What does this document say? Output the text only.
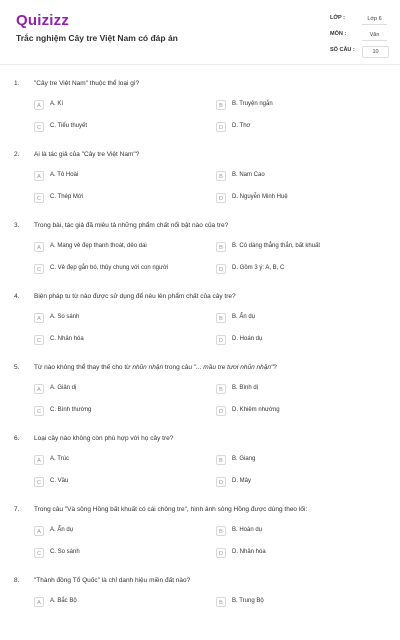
Quizizz
Trắc nghiệm Cây tre Việt Nam có đáp án
LỚP :	Lớp 6
MÔN :	Văn
SỐ CÂU :	10
1. "Cây tre Việt Nam" thuộc thể loại gì?
A	A. Kí	B	B. Truyện ngắn
C	C. Tiểu thuyết	D	D. Thơ
2. Ai là tác giả của "Cây tre Việt Nam"?
A	A. Tô Hoài	B	B. Nam Cao
C	C. Thép Mới	D	D. Nguyễn Minh Huệ
3. Trong bài, tác giả đã miêu tả những phẩm chất nổi bật nào của tre?
A	A. Mang vẻ đẹp thanh thoát, dẻo dai	B	B. Có dáng thẳng thắn, bất khuất
C	C. Vẻ đẹp gắn bó, thủy chung với con người	D	D. Gồm 3 ý: A, B, C
4. Biện pháp tu từ nào được sử dụng để nêu lên phẩm chất của cây tre?
A	A. So sánh	B	B. Ẩn dụ
C	C. Nhân hóa	D	D. Hoán dụ
5. Từ nào không thể thay thế cho từ nhũn nhặn trong câu "... mầu tre tươi nhũn nhặn"?
A	A. Giản dị	B	B. Bình dị
C	C. Bình thường	D	D. Khiêm nhường
6. Loại cây nào không còn phù hợp với họ cây tre?
A	A. Trúc	B	B. Giang
C	C. Vầu	D	D. Mây
7. Trong câu "Và sông Hồng bất khuất có cái chông tre", hình ảnh sông Hồng được dùng theo lối:
A	A. Ẩn dụ	B	B. Hoán dụ
C	C. So sánh	D	D. Nhân hóa
8. "Thành đồng Tổ Quốc" là chỉ danh hiệu miền đất nào?
A	A. Bắc Bộ	B	B. Trung Bộ
